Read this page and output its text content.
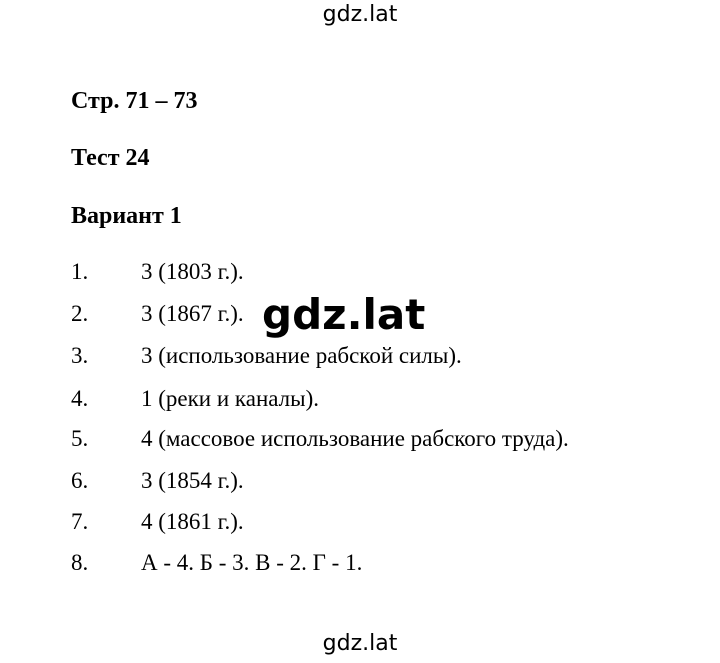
gdz.lat
Стр. 71 – 73
Тест 24
Вариант 1
1. 3 (1803 г.).
2. 3 (1867 г.).
3. 3 (использование рабской силы).
4. 1 (реки и каналы).
5. 4 (массовое использование рабского труда).
6. 3 (1854 г.).
7. 4 (1861 г.).
8. А - 4. Б - 3. В - 2. Г - 1.
gdz.lat
gdz.lat
